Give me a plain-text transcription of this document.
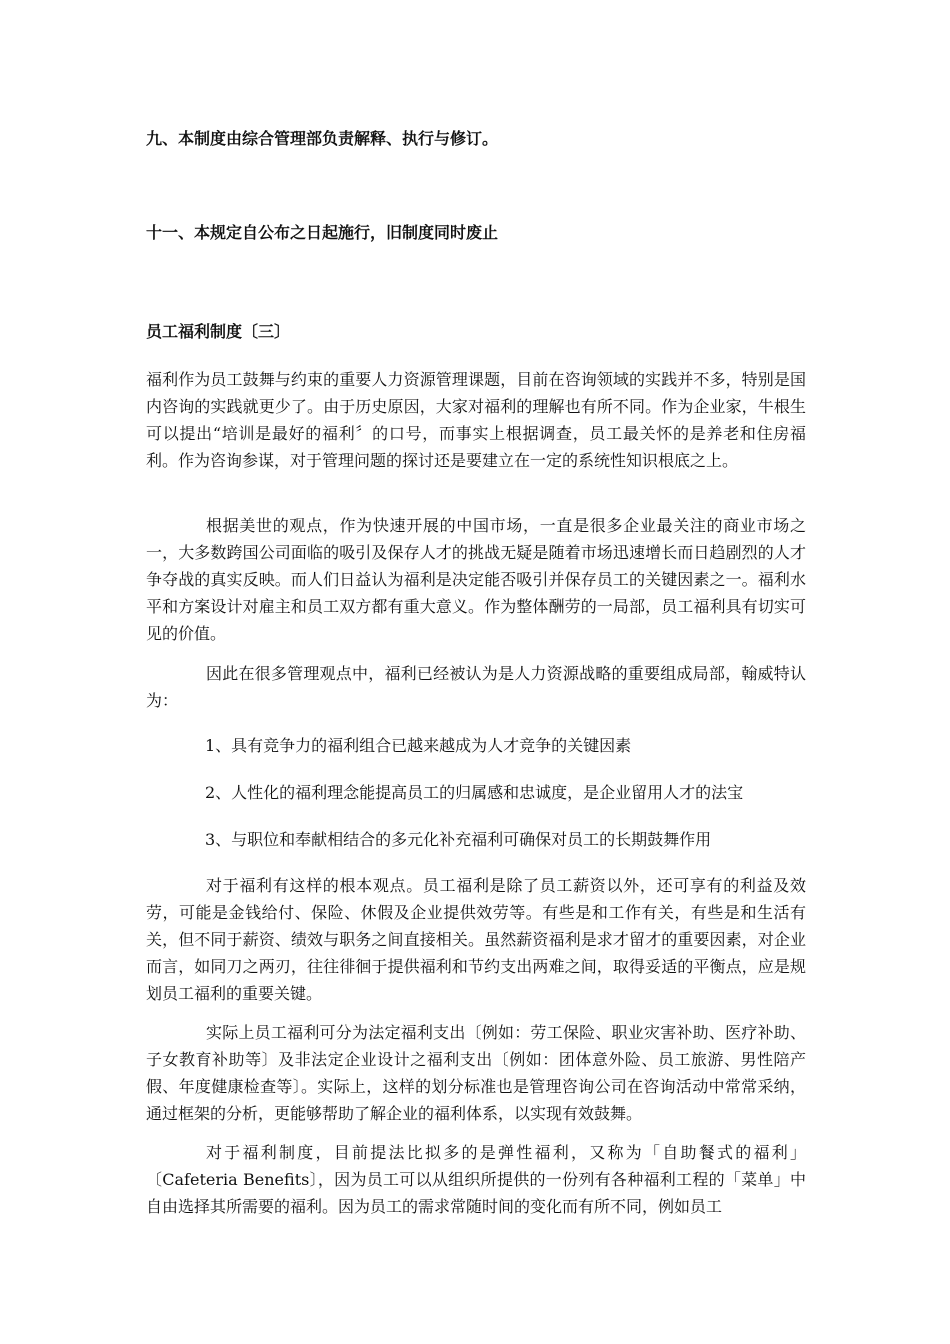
九、本制度由综合管理部负责解释、执行与修订。
十一、本规定自公布之日起施行，旧制度同时废止
员工福利制度〔三〕
福利作为员工鼓舞与约束的重要人力资源管理课题，目前在咨询领域的实践并不多，特别是国内咨询的实践就更少了。由于历史原因，大家对福利的理解也有所不同。作为企业家，牛根生可以提出“培训是最好的福利〞的口号，而事实上根据调查，员工最关怀的是养老和住房福利。作为咨询参谋，对于管理问题的探讨还是要建立在一定的系统性知识根底之上。
根据美世的观点，作为快速开展的中国市场，一直是很多企业最关注的商业市场之一，大多数跨国公司面临的吸引及保存人才的挑战无疑是随着市场迅速增长而日趋剧烈的人才争夺战的真实反映。而人们日益认为福利是决定能否吸引并保存员工的关键因素之一。福利水平和方案设计对雇主和员工双方都有重大意义。作为整体酬劳的一局部，员工福利具有切实可见的价值。
因此在很多管理观点中，福利已经被认为是人力资源战略的重要组成局部，翰威特认为：
1、具有竞争力的福利组合已越来越成为人才竞争的关键因素
2、人性化的福利理念能提高员工的归属感和忠诚度，是企业留用人才的法宝
3、与职位和奉献相结合的多元化补充福利可确保对员工的长期鼓舞作用
对于福利有这样的根本观点。员工福利是除了员工薪资以外，还可享有的利益及效劳，可能是金钱给付、保险、休假及企业提供效劳等。有些是和工作有关，有些是和生活有关，但不同于薪资、绩效与职务之间直接相关。虽然薪资福利是求才留才的重要因素，对企业而言，如同刀之两刃，往往徘徊于提供福利和节约支出两难之间，取得妥适的平衡点，应是规划员工福利的重要关键。
实际上员工福利可分为法定福利支出〔例如：劳工保险、职业灾害补助、医疗补助、子女教育补助等〕及非法定企业设计之福利支出〔例如：团体意外险、员工旅游、男性陪产假、年度健康检查等〕。实际上，这样的划分标准也是管理咨询公司在咨询活动中常常采纳，通过框架的分析，更能够帮助了解企业的福利体系，以实现有效鼓舞。
对于福利制度，目前提法比拟多的是弹性福利，又称为「自助餐式的福利」〔Cafeteria Benefits〕，因为员工可以从组织所提供的一份列有各种福利工程的「菜单」中自由选择其所需要的福利。因为员工的需求常随时间的变化而有所不同，例如员工
